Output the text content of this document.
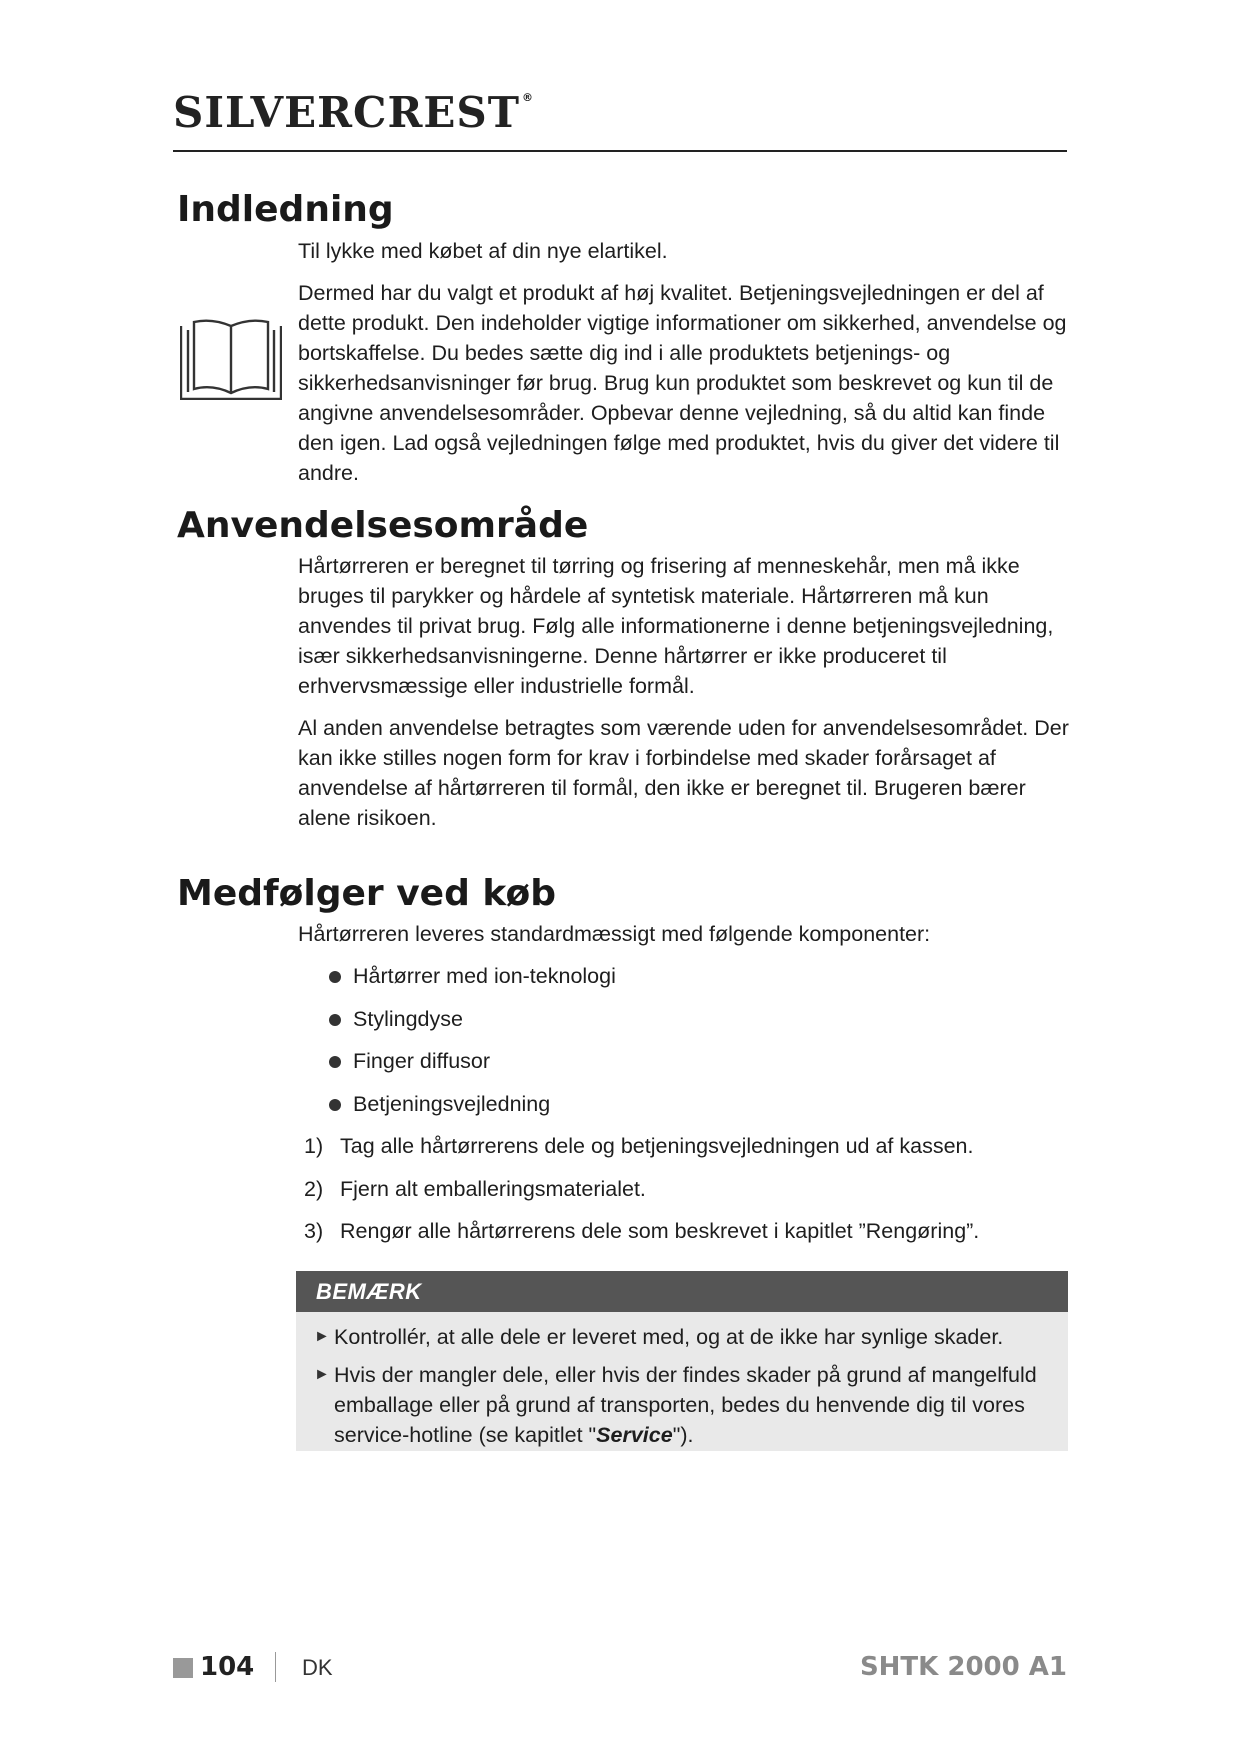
SILVERCREST ®
Indledning

Til lykke med købet af din nye elartikel.

Dermed har du valgt et produkt af høj kvalitet. Betjeningsvejledningen er del af dette produkt. Den indeholder vigtige informationer om sikkerhed, anvendelse og bortskaffelse. Du bedes sætte dig ind i alle produktets betjenings- og sikkerhedsanvisninger før brug. Brug kun produktet som beskrevet og kun til de angivne anvendelsesområder. Opbevar denne vejledning, så du altid kan finde den igen. Lad også vejledningen følge med produktet, hvis du giver det videre til andre.

Anvendelsesområde

Hårtørreren er beregnet til tørring og frisering af menneskehår, men må ikke bruges til parykker og hårdele af syntetisk materiale. Hårtørreren må kun anvendes til privat brug. Følg alle informationerne i denne betjeningsvejledning, især sikkerhedsanvisningerne. Denne hårtørrer er ikke produceret til erhvervsmæssige eller industrielle formål.

Al anden anvendelse betragtes som værende uden for anvendelsesområdet. Der kan ikke stilles nogen form for krav i forbindelse med skader forårsaget af anvendelse af hårtørreren til formål, den ikke er beregnet til. Brugeren bærer alene risikoen.

Medfølger ved køb

Hårtørreren leveres standardmæssigt med følgende komponenter:

Hårtørrer med ion-teknologi
Stylingdyse
Finger diffusor
Betjeningsvejledning
1) Tag alle hårtørrerens dele og betjeningsvejledningen ud af kassen.
2) Fjern alt emballeringsmaterialet.
3) Rengør alle hårtørrerens dele som beskrevet i kapitlet ”Rengøring”.
BEMÆRK
► Kontrollér, at alle dele er leveret med, og at de ikke har synlige skader.
► Hvis der mangler dele, eller hvis der findes skader på grund af mangelfuld emballage eller på grund af transporten, bedes du henvende dig til vores service-hotline (se kapitlet "Service").
104 DK	SHTK 2000 A1
